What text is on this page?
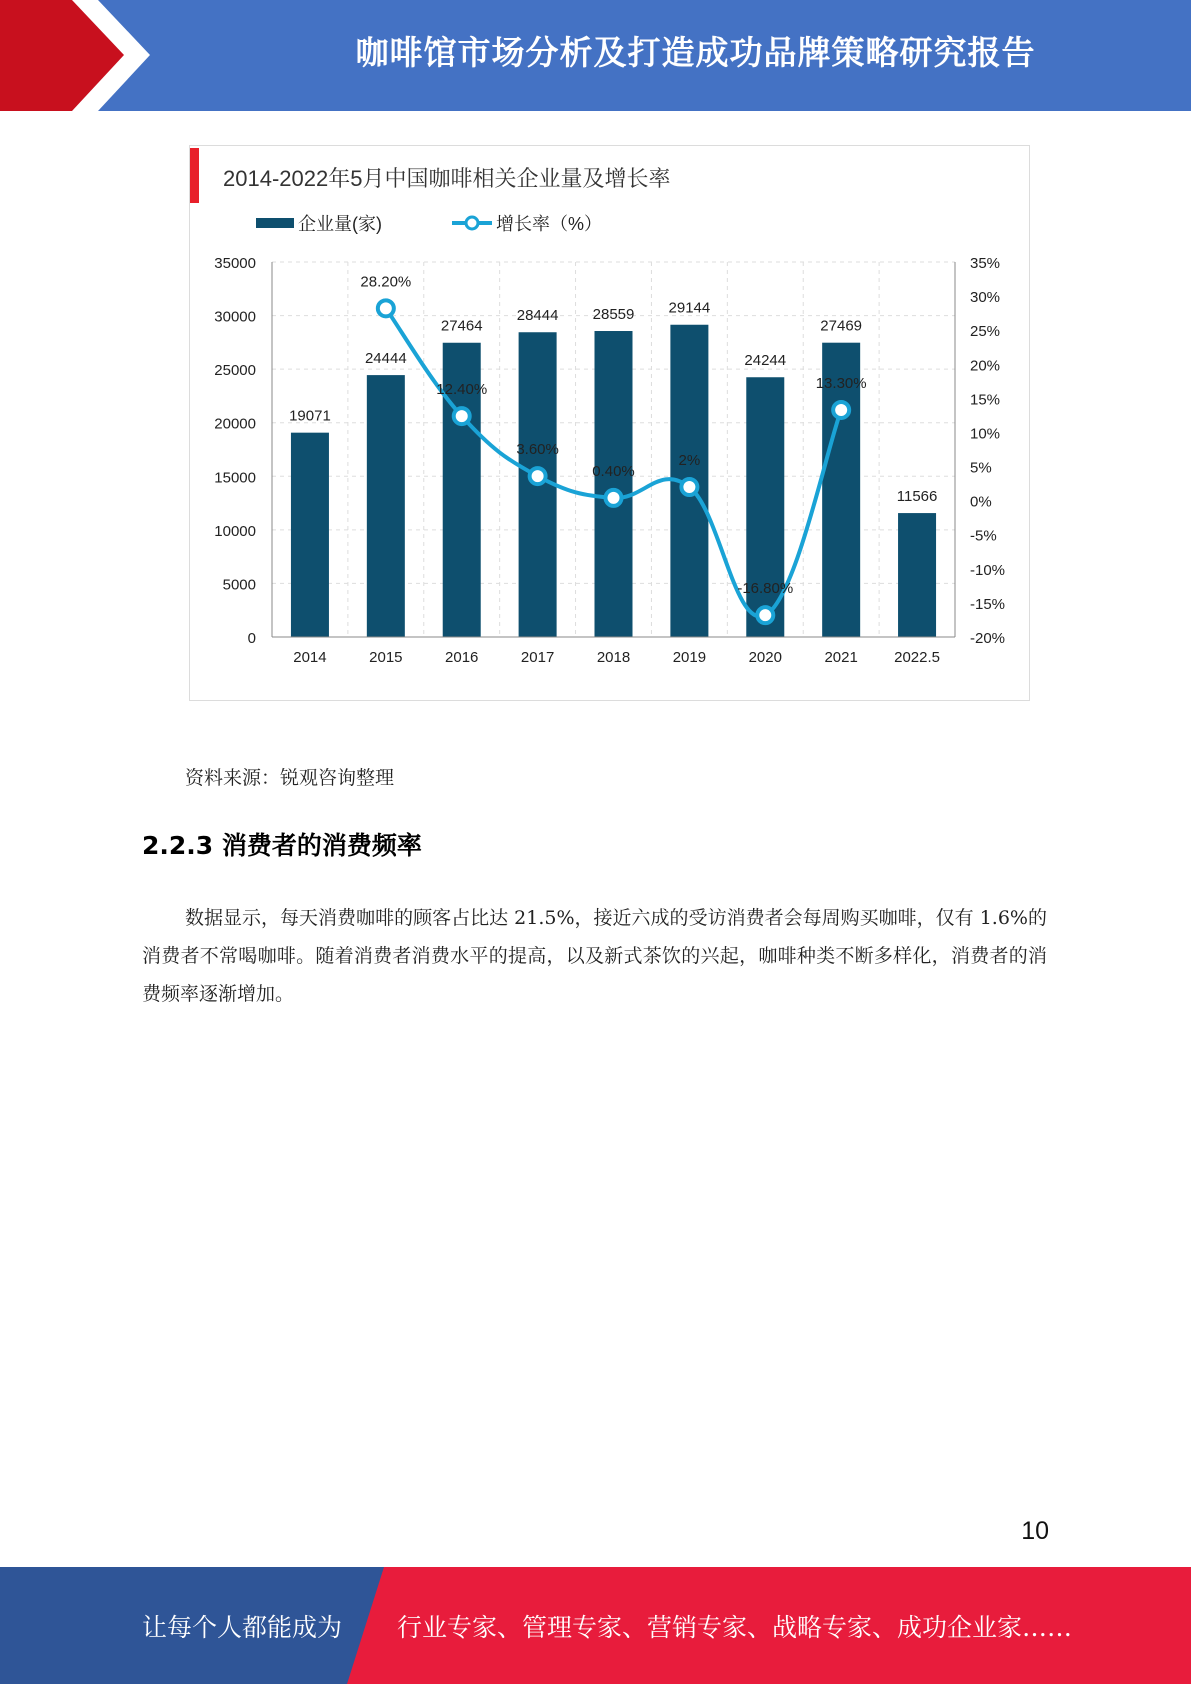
咖啡馆市场分析及打造成功品牌策略研究报告
2014-2022年5月中国咖啡相关企业量及增长率
企业量(家)	增长率（%）
35000
30000
25000
20000
15000
10000
5000
0
35%
30%
25%
20%
15%
10%
5%
0%
-5%
-10%
-15%
-20%
19071
24444
27464
28444 28559 29144
24244
27469
11566
2014	2015	2016	2017	2018	2019	2020	2021 2022.5
28.20%
12.40%
3.60%
0.40%
2%
-16.80%
13.30%
资料来源：锐观咨询整理
2.2.3 消费者的消费频率
数据显示，每天消费咖啡的顾客占比达 21.5%，接近六成的受访消费者会每周购买咖啡，仅有 1.6%的消费者不常喝咖啡。随着消费者消费水平的提高，以及新式茶饮的兴起，咖啡种类不断多样化，消费者的消费频率逐渐增加。
10
让每个人都能成为 行业专家、管理专家、营销专家、战略专家、成功企业家……
